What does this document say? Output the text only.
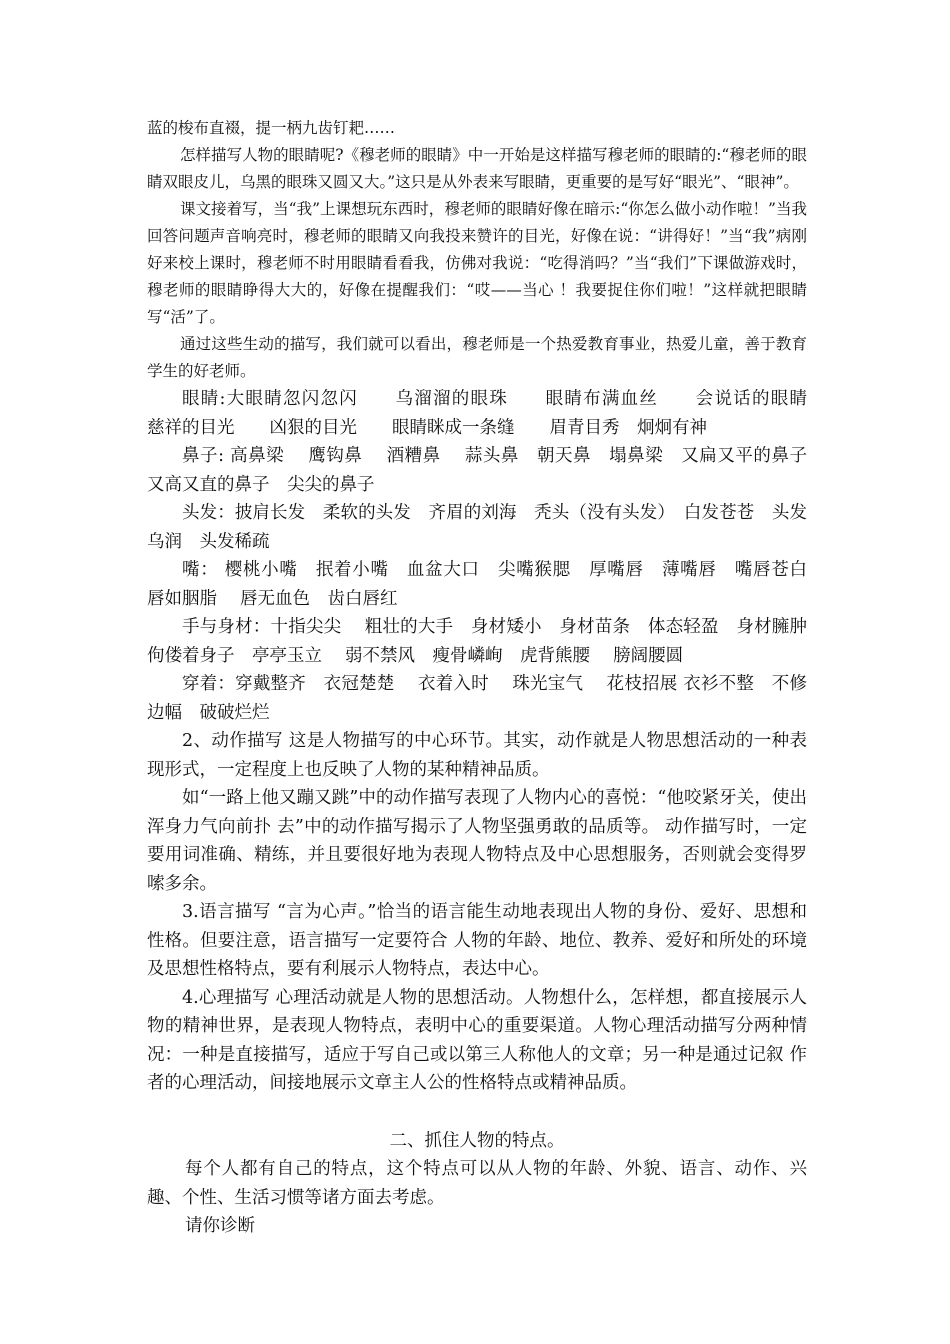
蓝的梭布直裰，提一柄九齿钉耙……

怎样描写人物的眼睛呢?《穆老师的眼睛》中一开始是这样描写穆老师的眼睛的:“穆老师的眼睛双眼皮儿，乌黑的眼珠又圆又大。”这只是从外表来写眼睛，更重要的是写好“眼光”、“眼神”。

课文接着写，当“我”上课想玩东西时，穆老师的眼睛好像在暗示:“你怎么做小动作啦！”当我回答问题声音响亮时，穆老师的眼睛又向我投来赞许的目光，好像在说：“讲得好！”当“我”病刚好来校上课时，穆老师不时用眼睛看看我，仿佛对我说：“吃得消吗？”当“我们”下课做游戏时，穆老师的眼睛睁得大大的，好像在提醒我们：“哎——当心 ！我要捉住你们啦！”这样就把眼睛写“活”了。

通过这些生动的描写，我们就可以看出，穆老师是一个热爱教育事业，热爱儿童，善于教育学生的好老师。

眼睛:大眼睛忽闪忽闪　　乌溜溜的眼珠　　眼睛布满血丝　　会说话的眼睛　　慈祥的目光　　凶狠的目光　　眼睛眯成一条缝　　眉青目秀　炯炯有神

鼻子: 高鼻梁　 鹰钩鼻　 酒糟鼻　 蒜头鼻　朝天鼻　塌鼻梁　又扁又平的鼻子　 又高又直的鼻子　尖尖的鼻子

头发：披肩长发　柔软的头发　齐眉的刘海　秃头（没有头发）　白发苍苍　头发乌润　头发稀疏

嘴： 樱桃小嘴　抿着小嘴　血盆大口　尖嘴猴腮　厚嘴唇　薄嘴唇　嘴唇苍白　 唇如胭脂　 唇无血色　齿白唇红

手与身材：十指尖尖　 粗壮的大手　身材矮小　身材苗条　体态轻盈　身材臃肿　 佝偻着身子　亭亭玉立　 弱不禁风　瘦骨嶙峋　虎背熊腰　 膀阔腰圆

穿着：穿戴整齐　衣冠楚楚　 衣着入时　 珠光宝气　 花枝招展 衣衫不整　不修边幅　破破烂烂

2、动作描写 这是人物描写的中心环节。其实，动作就是人物思想活动的一种表现形式，一定程度上也反映了人物的某种精神品质。

如“一路上他又蹦又跳”中的动作描写表现了人物内心的喜悦：“他咬紧牙关，使出浑身力气向前扑 去”中的动作描写揭示了人物坚强勇敢的品质等。 动作描写时，一定要用词准确、精练，并且要很好地为表现人物特点及中心思想服务，否则就会变得罗嗦多余。

3.语言描写 “言为心声。”恰当的语言能生动地表现出人物的身份、爱好、思想和性格。但要注意，语言描写一定要符合 人物的年龄、地位、教养、爱好和所处的环境及思想性格特点，要有利展示人物特点，表达中心。

4.心理描写 心理活动就是人物的思想活动。人物想什么，怎样想，都直接展示人物的精神世界，是表现人物特点，表明中心的重要渠道。人物心理活动描写分两种情况：一种是直接描写，适应于写自己或以第三人称他人的文章；另一种是通过记叙 作者的心理活动，间接地展示文章主人公的性格特点或精神品质。

二、抓住人物的特点。

每个人都有自己的特点，这个特点可以从人物的年龄、外貌、语言、动作、兴趣、个性、生活习惯等诸方面去考虑。

请你诊断
